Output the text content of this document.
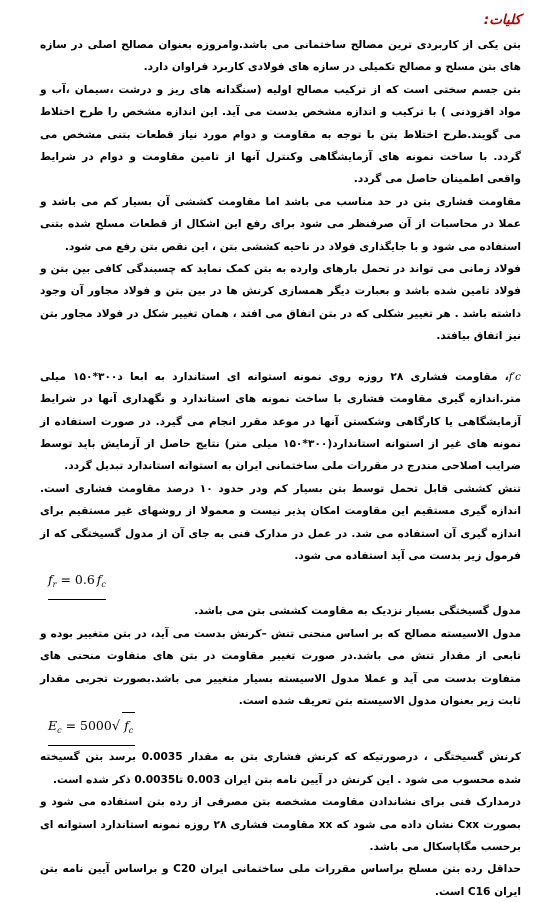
کلیات:

بتن یکی از کاربردی ترین مصالح ساختمانی می باشد.وامروزه بعنوان مصالح اصلی در سازه های بتن مسلح و مصالح تکمیلی در سازه های فولادی کاربرد فراوان دارد.

بتن جسم سختی است که از ترکیب مصالح اولیه (سنگدانه های ریز و درشت ،سیمان ،آب و مواد افزودنی ) با ترکیب و اندازه مشخص بدست می آید. این اندازه مشخص را طرح اختلاط می گویند.طرح اختلاط بتن با توجه به مقاومت و دوام مورد نیاز قطعات بتنی مشخص می گردد. با ساخت نمونه های آزمایشگاهی وکنترل آنها از تامین مقاومت و دوام در شرایط واقعی اطمینان حاصل می گردد.

مقاومت فشاری بتن در حد مناسب می باشد اما مقاومت کششی آن بسیار کم می باشد و عملا در محاسبات از آن صرفنظر می شود برای رفع این اشکال از قطعات مسلح شده بتنی استفاده می شود و با جایگذاری فولاد در ناحیه کششی بتن ، این نقص بتن رفع می شود.

فولاد زمانی می تواند در تحمل بارهای وارده به بتن کمک نماید که چسبندگی کافی بین بتن و فولاد تامین شده باشد و بعبارت دیگر همسازی کرنش ها در بین بتن و فولاد مجاور آن وجود داشته باشد . هر تغییر شکلی که در بتن اتفاق می افتد ، همان تغییر شکل در فولاد مجاور بتن نیز اتفاق بیافتد.

f′c، مقاومت فشاری ۲۸ روزه روی نمونه استوانه ای استاندارد به ابعا د۳۰۰*۱۵۰ میلی متر.اندازه گیری مقاومت فشاری با ساخت نمونه های استاندارد و نگهداری آنها در شرایط آزمایشگاهی یا کارگاهی وشکستن آنها در موعد مقرر انجام می گیرد. در صورت استفاده از نمونه های غیر از استوانه استاندارد(۳۰۰*۱۵۰ میلی متر) نتایج حاصل از آزمایش باید توسط ضرایب اصلاحی مندرج در مقررات ملی ساختمانی ایران به استوانه استاندارد تبدیل گردد.

تنش کششی قابل تحمل توسط بتن بسیار کم ودر حدود ۱۰ درصد مقاومت فشاری است. اندازه گیری مستقیم این مقاومت امکان پذیر نیست و معمولا از روشهای غیر مستقیم برای اندازه گیری آن استفاده می شد. در عمل در مدارک فنی به جای آن از مدول گسیختگی که از فرمول زیر بدست می آید استفاده می شود.

$f_r = 0.6$ $f_c$

مدول گسیختگی بسیار نزدیک به مقاومت کششی بتن می باشد.

مدول الاسیسته مصالح که بر اساس منحنی تنش –کرنش بدست می آید، در بتن متغییر بوده و تابعی از مقدار تنش می باشد.در صورت تغییر مقاومت در بتن های متفاوت منحنی های متفاوت بدست می آید و عملا مدول الاسیسته بسیار متغییر می باشد.بصورت تجربی مقدار ثابت زیر بعنوان مدول الاسیسته بتن تعریف شده است.

$E_c = 5000√$ $f_c$

کرنش گسیختگی ، درصورتیکه که کرنش فشاری بتن به مقدار 0.0035 برسد بتن گسیخته شده محسوب می شود . این کرنش در آیین نامه بتن ایران 0.003 تا0.0035 ذکر شده است.

درمدارک فنی برای نشاندادن مقاومت مشخصه بتن مصرفی از رده بتن استفاده می شود و بصورت Cxx نشان داده می شود که xx مقاومت فشاری ۲۸ روزه نمونه استاندارد استوانه ای برحسب مگاپاسکال می باشد.

حداقل رده بتن مسلح براساس مقررات ملی ساختمانی ایران C20 و براساس آیین نامه بتن ایران C16 است.
